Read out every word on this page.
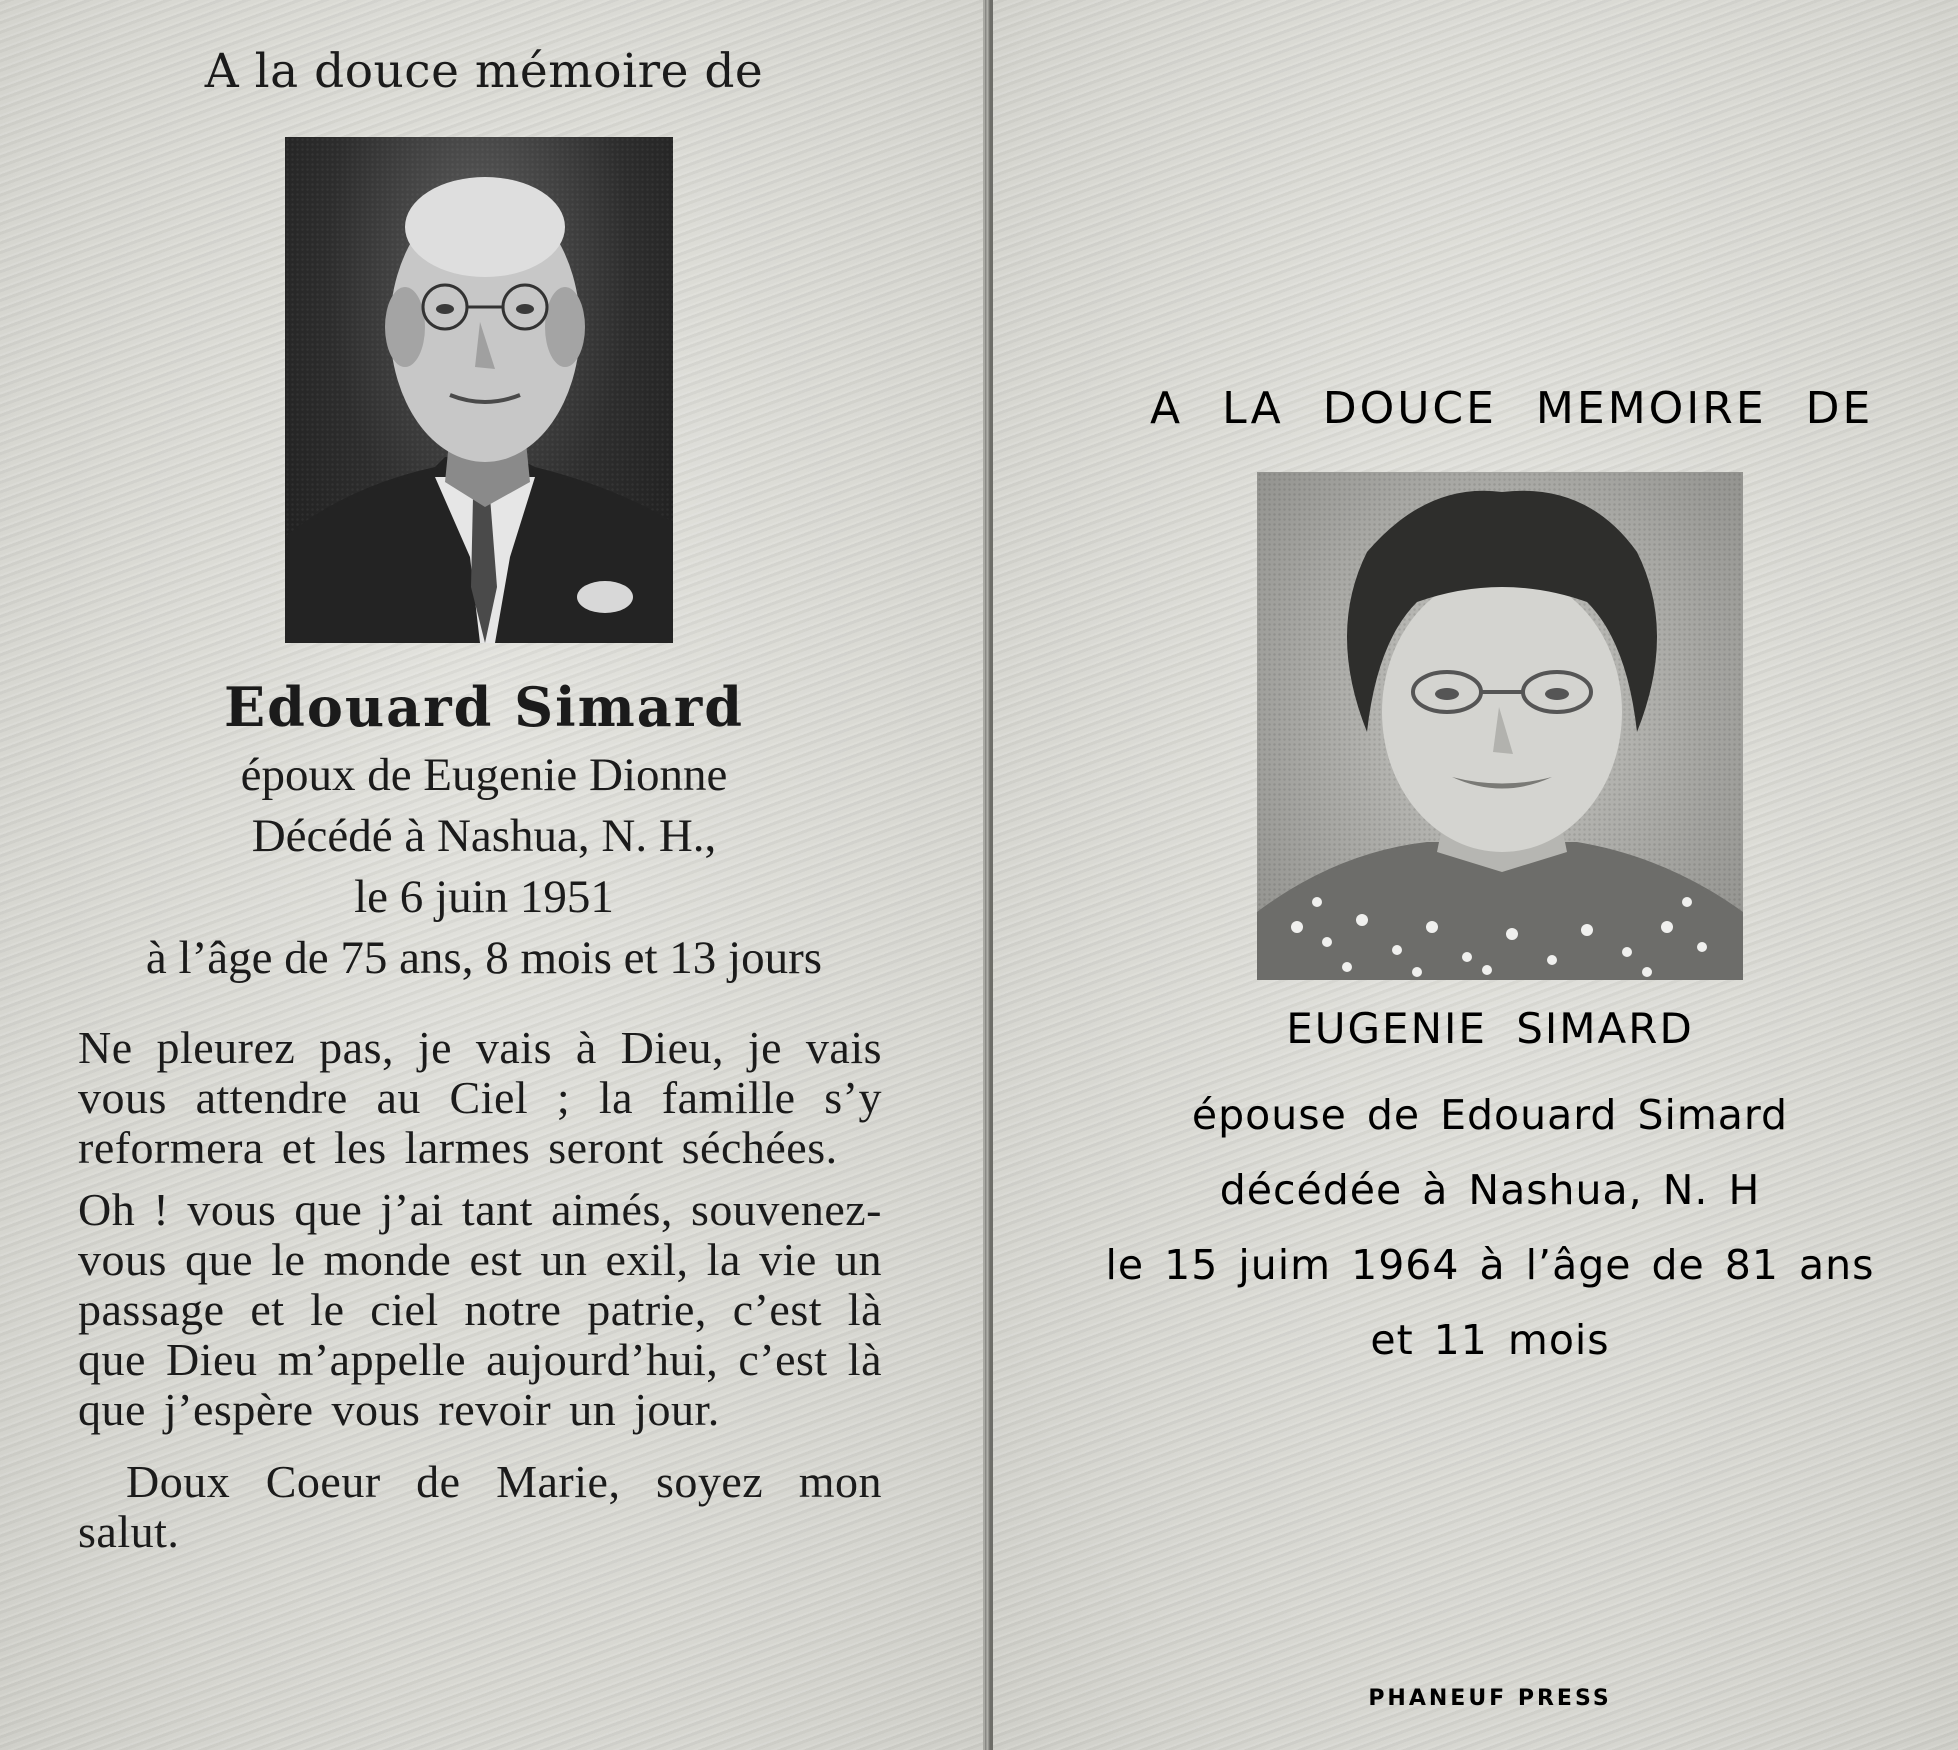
A la douce mémoire de
Edouard Simard
époux de Eugenie Dionne
Décédé à Nashua, N. H.,
le 6 juin 1951
à l’âge de 75 ans, 8 mois et 13 jours

Ne pleurez pas, je vais à Dieu, je vais vous attendre au Ciel ; la famille s’y reformera et les larmes seront séchées.

Oh ! vous que j’ai tant aimés, souvenez-vous que le monde est un exil, la vie un passage et le ciel notre patrie, c’est là que Dieu m’appelle aujourd’hui, c’est là que j’espère vous revoir un jour.

Doux Coeur de Marie, soyez mon salut.

A LA DOUCE MEMOIRE DE
EUGENIE SIMARD
épouse de Edouard Simard
décédée à Nashua, N. H
le 15 juim 1964 à l’âge de 81 ans
et 11 mois
PHANEUF PRESS
